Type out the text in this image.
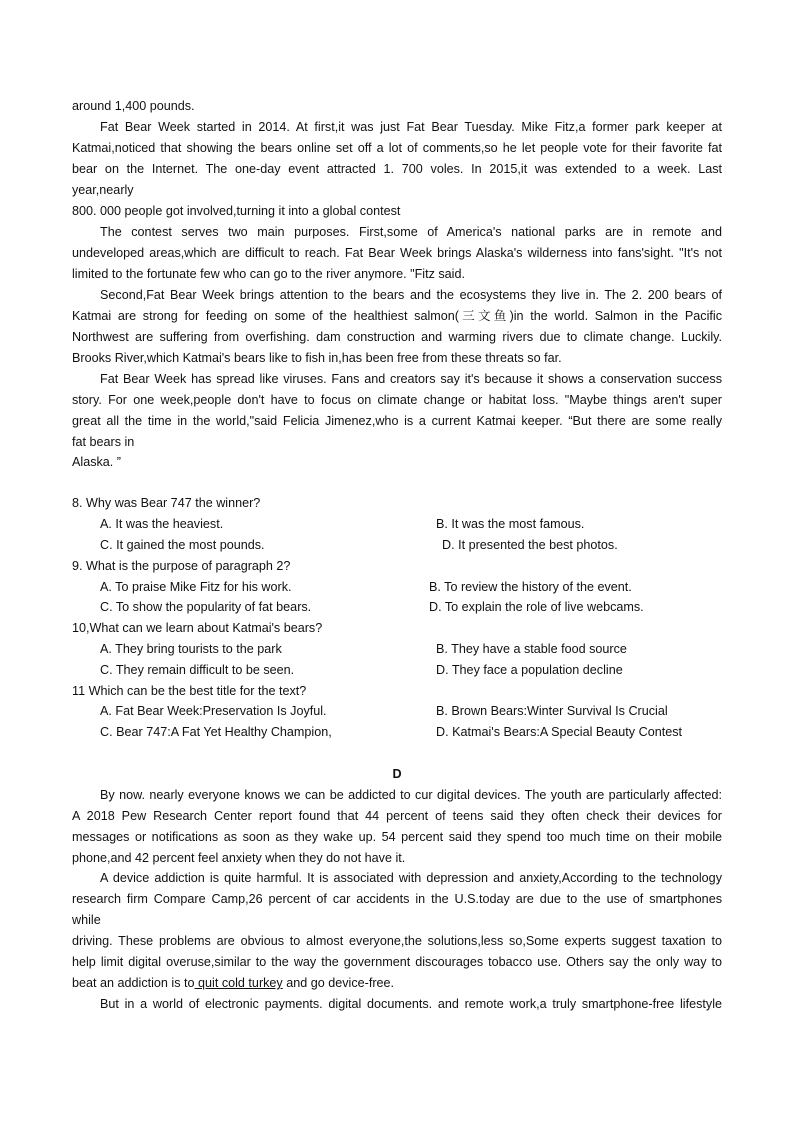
around 1,400 pounds.
Fat Bear Week started in 2014. At first,it was just Fat Bear Tuesday. Mike Fitz,a former park keeper at
Katmai,noticed that showing the bears online set off a lot of comments,so he let people vote for their favorite fat
bear on the Internet. The one-day event attracted 1. 700 voles. In 2015,it was extended to a week. Last
year,nearly
800. 000 people got involved,turning it into a global contest
The contest serves two main purposes. First,some of America's national parks are in remote and
undeveloped areas,which are difficult to reach. Fat Bear Week brings Alaska's wilderness into fans'sight. "It's not
limited to the fortunate few who can go to the river anymore. "Fitz said.
Second,Fat Bear Week brings attention to the bears and the ecosystems they live in. The 2. 200 bears of
Katmai are strong for feeding on some of the healthiest salmon(三文鱼)in the world. Salmon in the Pacific
Northwest are suffering from overfishing. dam construction and warming rivers due to climate change. Luckily.
Brooks River,which Katmai's bears like to fish in,has been free from these threats so far.
Fat Bear Week has spread like viruses. Fans and creators say it's because it shows a conservation success
story. For one week,people don't have to focus on climate change or habitat loss. "Maybe things aren't super
great all the time in the world,"said Felicia Jimenez,who is a current Katmai keeper. “But there are some really
fat bears in
Alaska. ”
8. Why was Bear 747 the winner?
A. It was the heaviest.	B. It was the most famous.
C. It gained the most pounds.	D. It presented the best photos.
9. What is the purpose of paragraph 2?
A. To praise Mike Fitz for his work.	B. To review the history of the event.
C. To show the popularity of fat bears.	D. To explain the role of live webcams.
10,What can we learn about Katmai's bears?
A. They bring tourists to the park	B. They have a stable food source
C. They remain difficult to be seen.	D. They face a population decline
11 Which can be the best title for the text?
A. Fat Bear Week:Preservation Is Joyful.	B. Brown Bears:Winter Survival Is Crucial
C. Bear 747:A Fat Yet Healthy Champion,	D. Katmai's Bears:A Special Beauty Contest
D
By now. nearly everyone knows we can be addicted to cur digital devices. The youth are particularly affected:
A 2018 Pew Research Center report found that 44 percent of teens said they often check their devices for
messages or notifications as soon as they wake up. 54 percent said they spend too much time on their mobile
phone,and 42 percent feel anxiety when they do not have it.
A device addiction is quite harmful. It is associated with depression and anxiety,According to the technology
research firm Compare Camp,26 percent of car accidents in the U.S.today are due to the use of smartphones
while
driving. These problems are obvious to almost everyone,the solutions,less so,Some experts suggest taxation to
help limit digital overuse,similar to the way the government discourages tobacco use. Others say the only way to
beat an addiction is to quit cold turkey and go device-free.
But in a world of electronic payments. digital documents. and remote work,a truly smartphone-free lifestyle
